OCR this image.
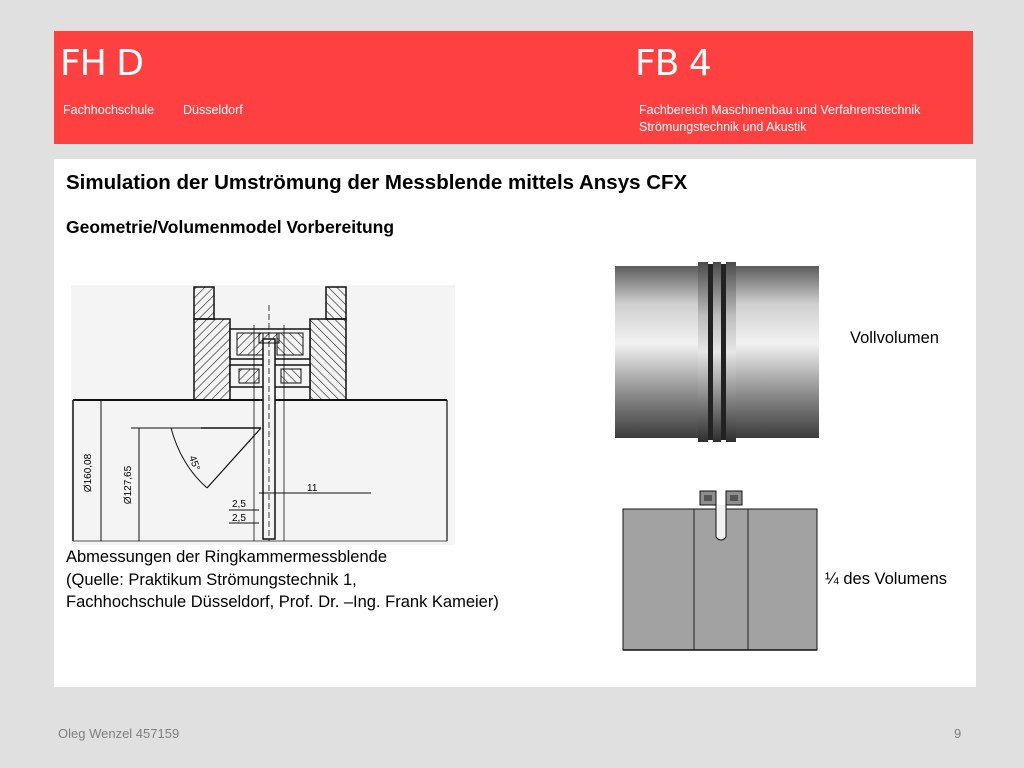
FH D
Fachhochschule Düsseldorf
FB 4
Fachbereich Maschinenbau und Verfahrenstechnik
Strömungstechnik und Akustik
Simulation der Umströmung der Messblende mittels Ansys CFX
Geometrie/Volumenmodel Vorbereitung
Ø160,08	Ø127,65
45°
2,5
2,5
11
Abmessungen der Ringkammermessblende
(Quelle: Praktikum Strömungstechnik 1,
Fachhochschule Düsseldorf, Prof. Dr. –Ing. Frank Kameier)
Vollvolumen
¼ des Volumens
Oleg Wenzel 457159	9
